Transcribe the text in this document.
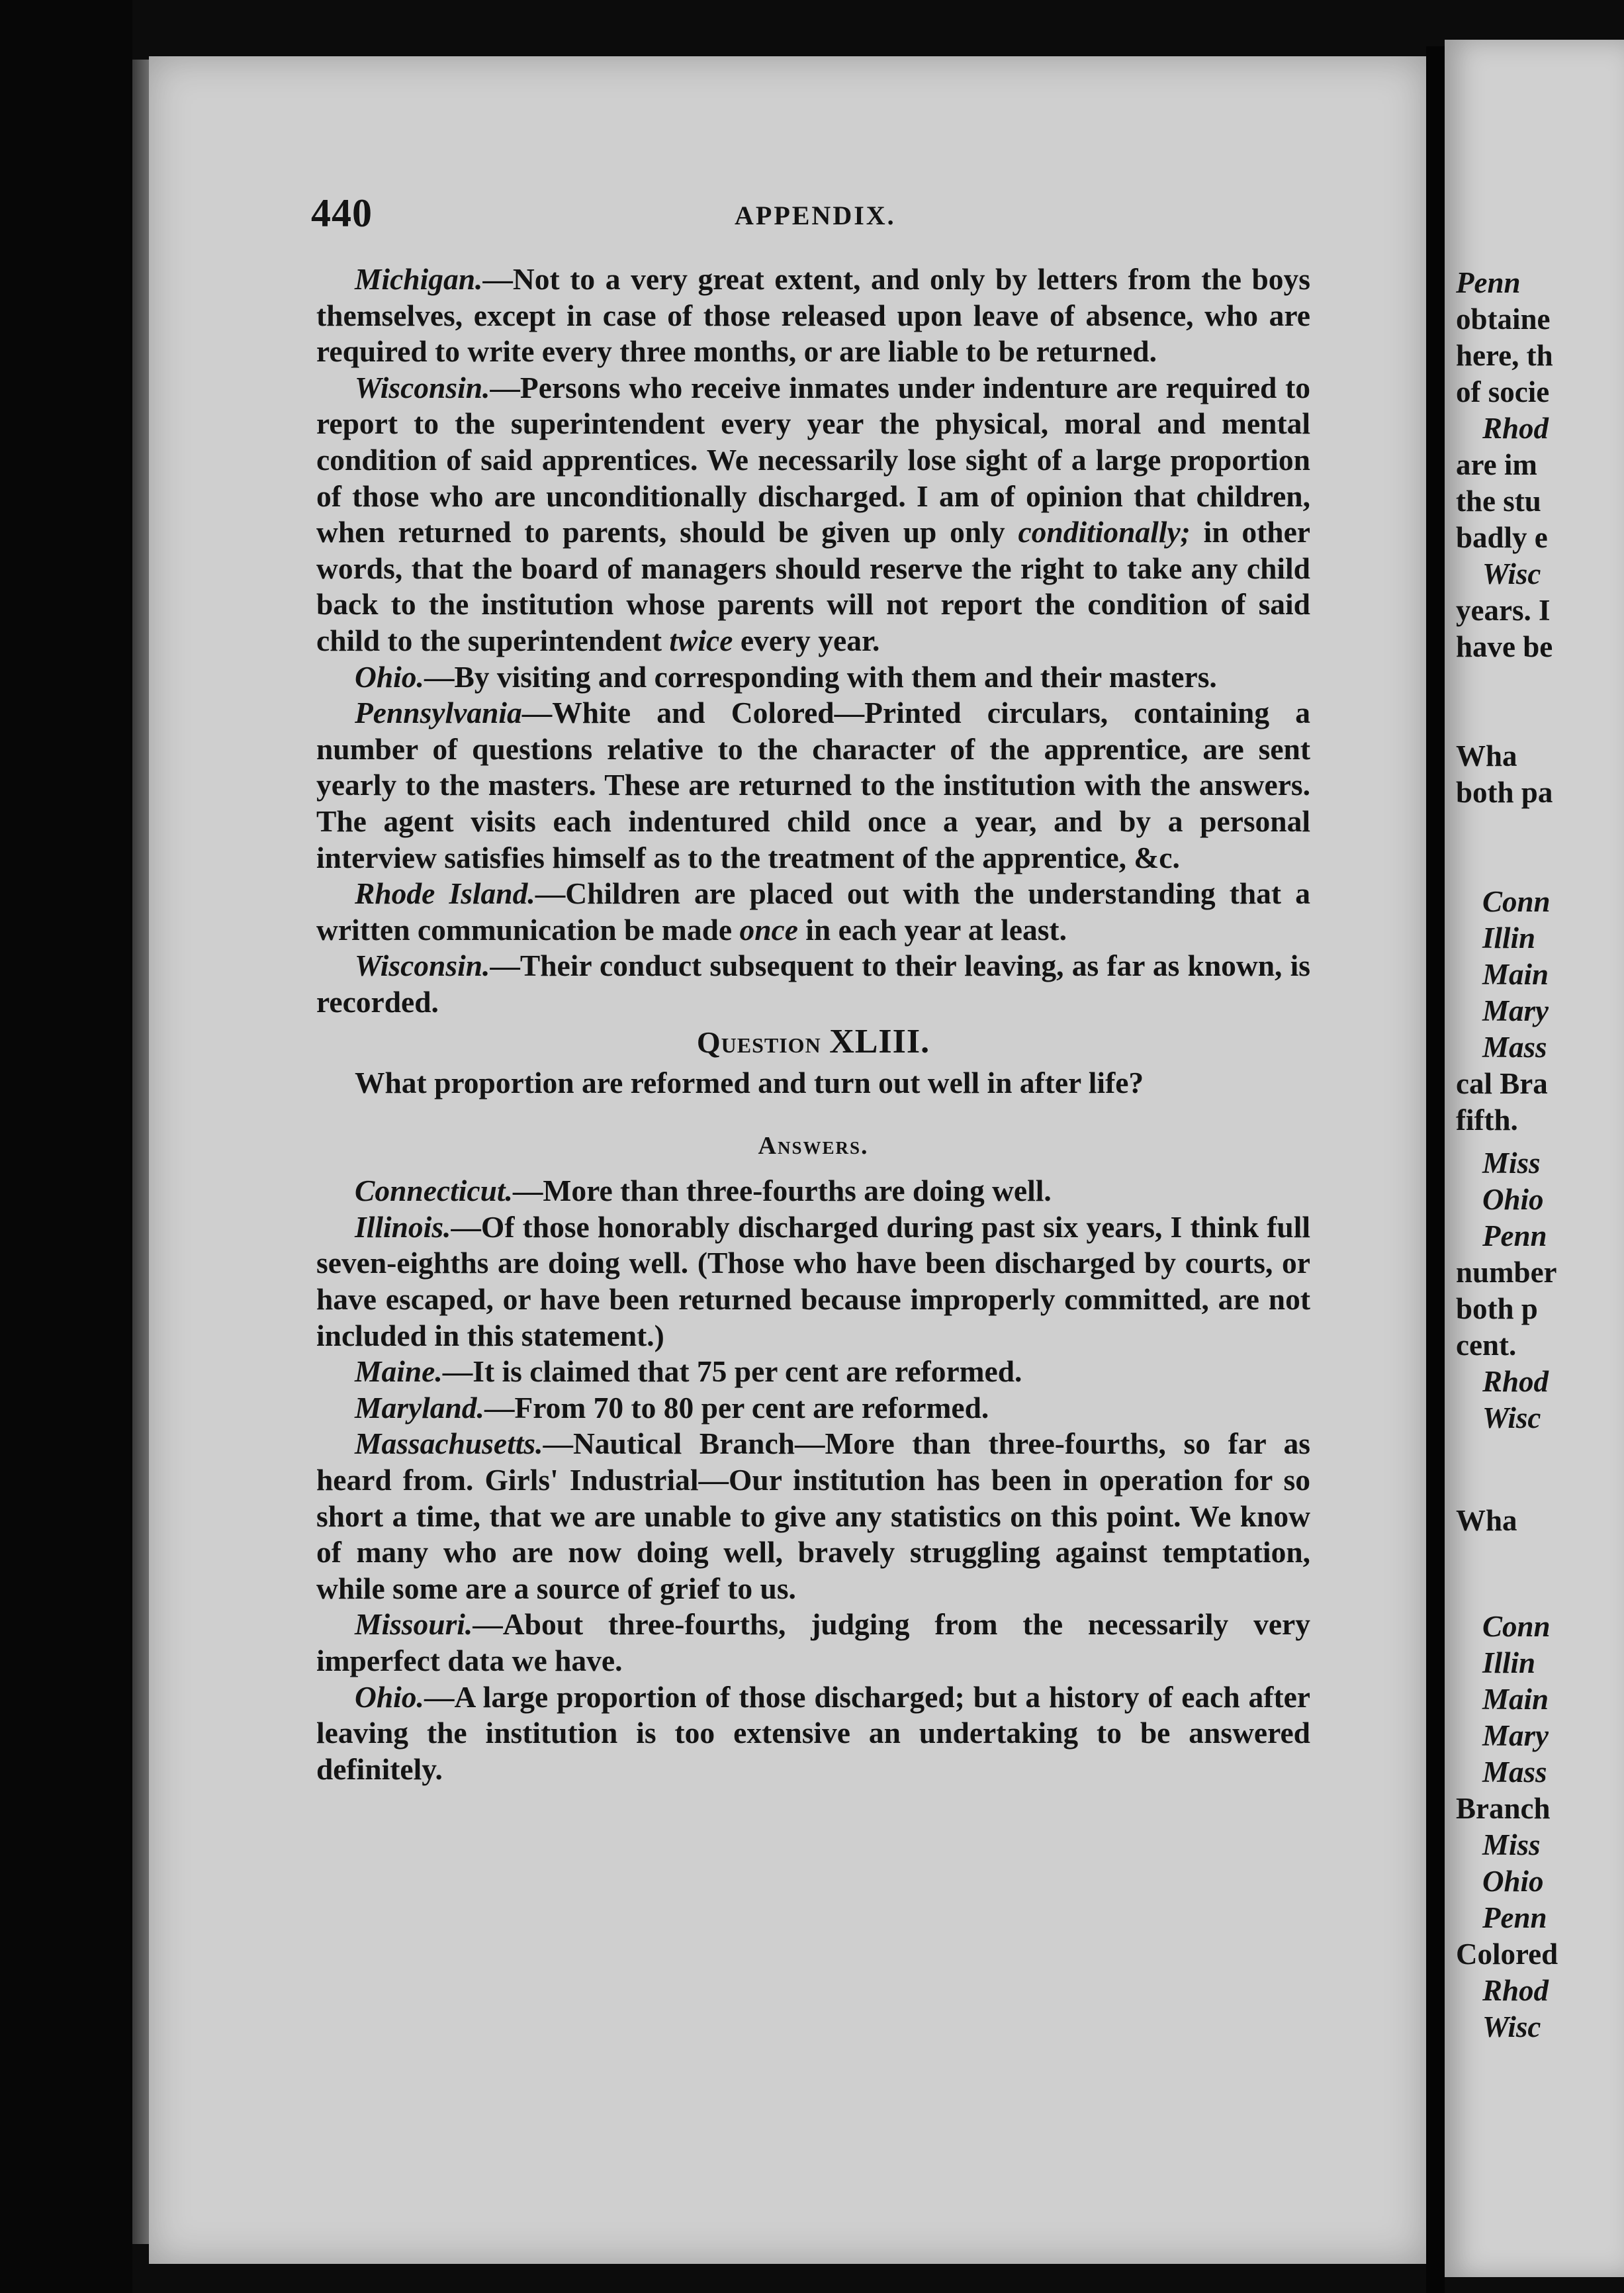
440	APPENDIX.

Michigan.—Not to a very great extent, and only by letters from the boys themselves, except in case of those released upon leave of absence, who are required to write every three months, or are liable to be returned.

Wisconsin.—Persons who receive inmates under indenture are required to report to the superintendent every year the physical, moral and mental condition of said apprentices. We necessarily lose sight of a large proportion of those who are unconditionally discharged. I am of opinion that children, when returned to parents, should be given up only conditionally; in other words, that the board of managers should reserve the right to take any child back to the institution whose parents will not report the condition of said child to the superintendent twice every year.

Ohio.—By visiting and corresponding with them and their masters.

Pennsylvania—White and Colored—Printed circulars, containing a number of questions relative to the character of the apprentice, are sent yearly to the masters. These are returned to the institution with the answers. The agent visits each indentured child once a year, and by a personal interview satisfies himself as to the treatment of the apprentice, &c.

Rhode Island.—Children are placed out with the understanding that a written communication be made once in each year at least.

Wisconsin.—Their conduct subsequent to their leaving, as far as known, is recorded.

Question XLIII.

What proportion are reformed and turn out well in after life?

Answers.

Connecticut.—More than three-fourths are doing well.

Illinois.—Of those honorably discharged during past six years, I think full seven-eighths are doing well. (Those who have been discharged by courts, or have escaped, or have been returned because improperly committed, are not included in this statement.)

Maine.—It is claimed that 75 per cent are reformed.

Maryland.—From 70 to 80 per cent are reformed.

Massachusetts.—Nautical Branch—More than three-fourths, so far as heard from. Girls' Industrial—Our institution has been in operation for so short a time, that we are unable to give any statistics on this point. We know of many who are now doing well, bravely struggling against temptation, while some are a source of grief to us.

Missouri.—About three-fourths, judging from the necessarily very imperfect data we have.

Ohio.—A large proportion of those discharged; but a history of each after leaving the institution is too extensive an undertaking to be answered definitely.

Penn
obtaine
here, th
of socie
Rhod
are im
the stu
badly e
Wisc
years. I
have be
Wha
both pa
Conn
Illin
Main
Mary
Mass
cal Bra
fifth.
Miss
Ohio
Penn
number
both p
cent.
Rhod
Wisc
Wha
Conn
Illin
Main
Mary
Mass
Branch
Miss
Ohio
Penn
Colored
Rhod
Wisc
